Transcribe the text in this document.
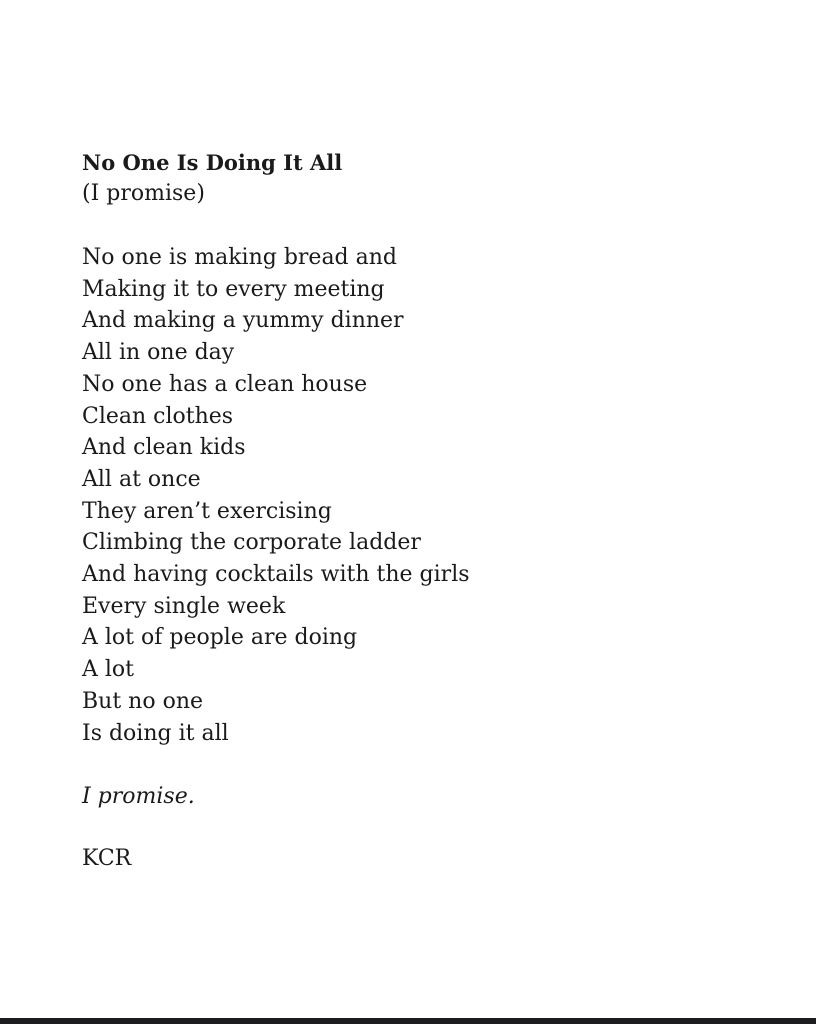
No One Is Doing It All

(I promise)

No one is making bread and
Making it to every meeting
And making a yummy dinner
All in one day
No one has a clean house
Clean clothes
And clean kids
All at once
They aren’t exercising
Climbing the corporate ladder
And having cocktails with the girls
Every single week
A lot of people are doing
A lot
But no one
Is doing it all

I promise.

KCR
